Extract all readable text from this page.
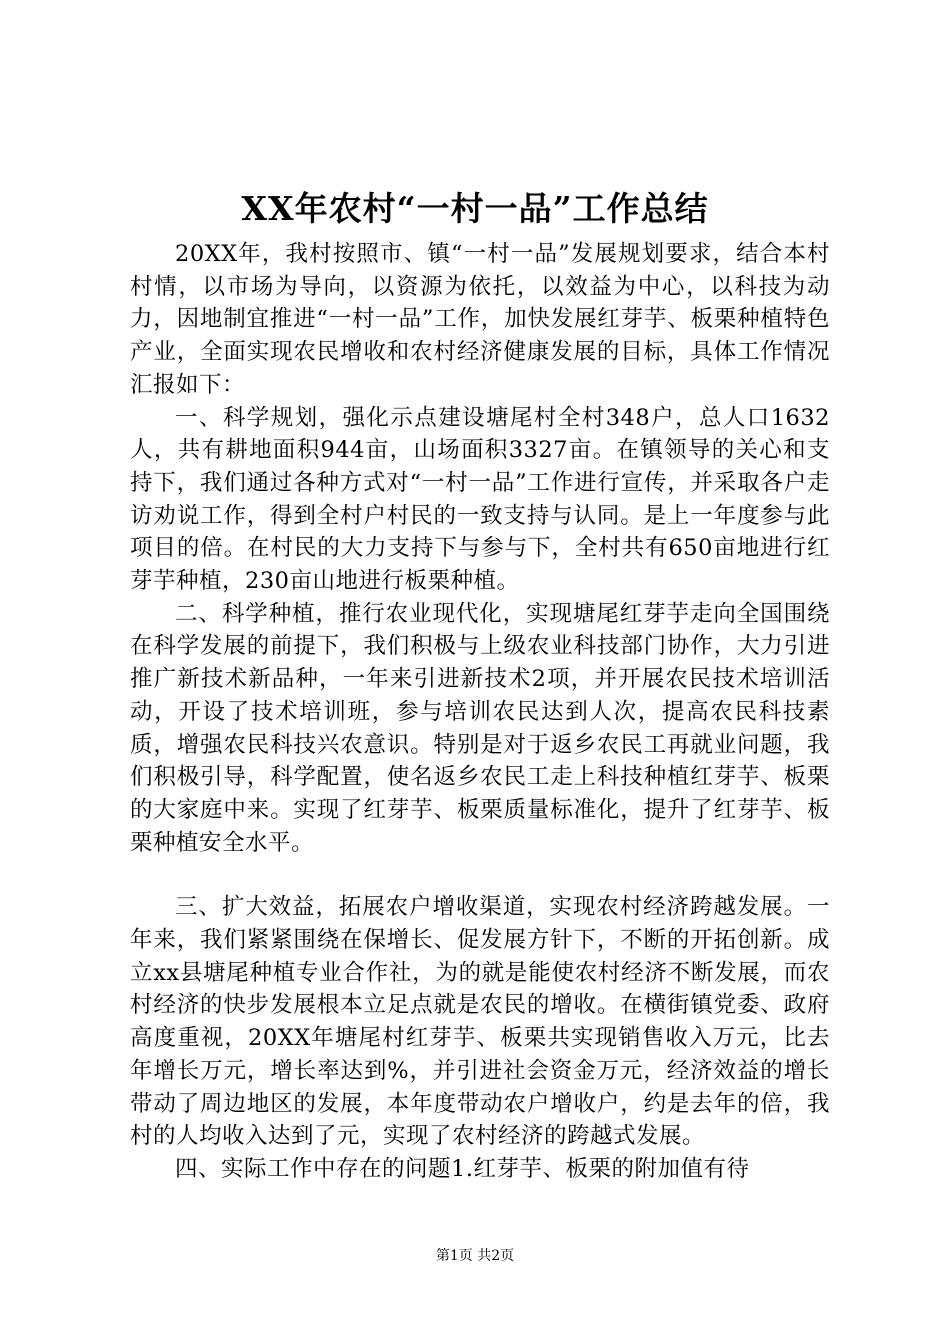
XX年农村“一村一品”工作总结

20XX年，我村按照市、镇“一村一品”发展规划要求，结合本村村情，以市场为导向，以资源为依托，以效益为中心，以科技为动力，因地制宜推进“一村一品”工作，加快发展红芽芋、板栗种植特色产业，全面实现农民增收和农村经济健康发展的目标，具体工作情况汇报如下：

一、科学规划，强化示点建设塘尾村全村348户，总人口1632人，共有耕地面积944亩，山场面积3327亩。在镇领导的关心和支持下，我们通过各种方式对“一村一品”工作进行宣传，并采取各户走访劝说工作，得到全村户村民的一致支持与认同。是上一年度参与此项目的倍。在村民的大力支持下与参与下，全村共有650亩地进行红芽芋种植，230亩山地进行板栗种植。

二、科学种植，推行农业现代化，实现塘尾红芽芋走向全国围绕在科学发展的前提下，我们积极与上级农业科技部门协作，大力引进推广新技术新品种，一年来引进新技术2项，并开展农民技术培训活动，开设了技术培训班，参与培训农民达到人次，提高农民科技素质，增强农民科技兴农意识。特别是对于返乡农民工再就业问题，我们积极引导，科学配置，使名返乡农民工走上科技种植红芽芋、板栗的大家庭中来。实现了红芽芋、板栗质量标准化，提升了红芽芋、板栗种植安全水平。

三、扩大效益，拓展农户增收渠道，实现农村经济跨越发展。一年来，我们紧紧围绕在保增长、促发展方针下，不断的开拓创新。成立xx县塘尾种植专业合作社，为的就是能使农村经济不断发展，而农村经济的快步发展根本立足点就是农民的增收。在横街镇党委、政府高度重视，20XX年塘尾村红芽芋、板栗共实现销售收入万元，比去年增长万元，增长率达到%，并引进社会资金万元，经济效益的增长带动了周边地区的发展，本年度带动农户增收户，约是去年的倍，我村的人均收入达到了元，实现了农村经济的跨越式发展。

四、实际工作中存在的问题1.红芽芋、板栗的附加值有待

第1页 共2页
